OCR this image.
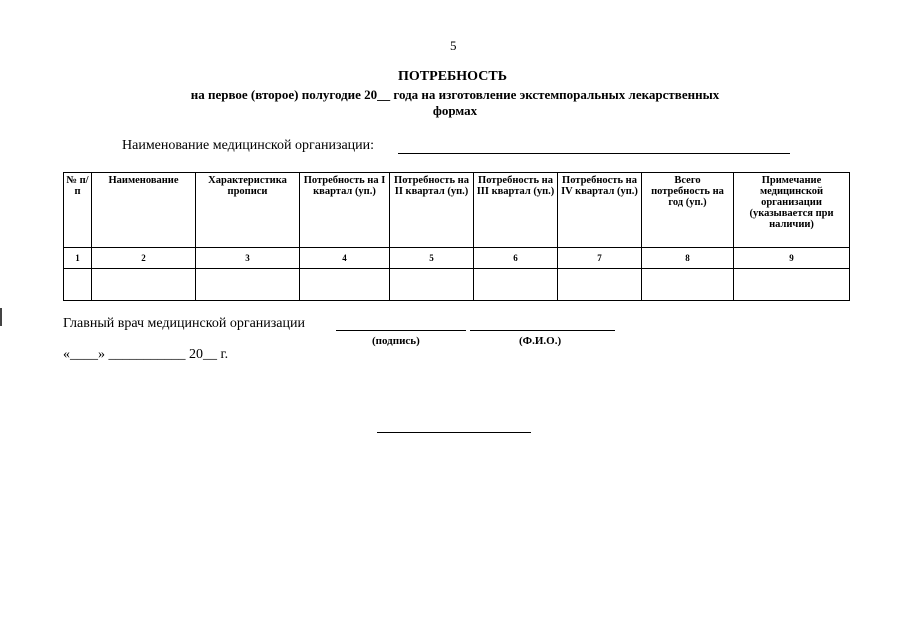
5
ПОТРЕБНОСТЬ
на первое (второе) полугодие 20__ года на изготовление экстемпоральных лекарственных формах
Наименование медицинской организации:
№ п/п	Наименование	Характеристика прописи	Потребность на I квартал (уп.)	Потребность на II квартал (уп.)	Потребность на III квартал (уп.)	Потребность на IV квартал (уп.)	Всего потребность на год (уп.)	Примечание медицинской организации (указывается при наличии)
1	2	3	4	5	6	7	8	9

Главный врач медицинской организации
(подпись)	(Ф.И.О.)
«____» ___________ 20__ г.
